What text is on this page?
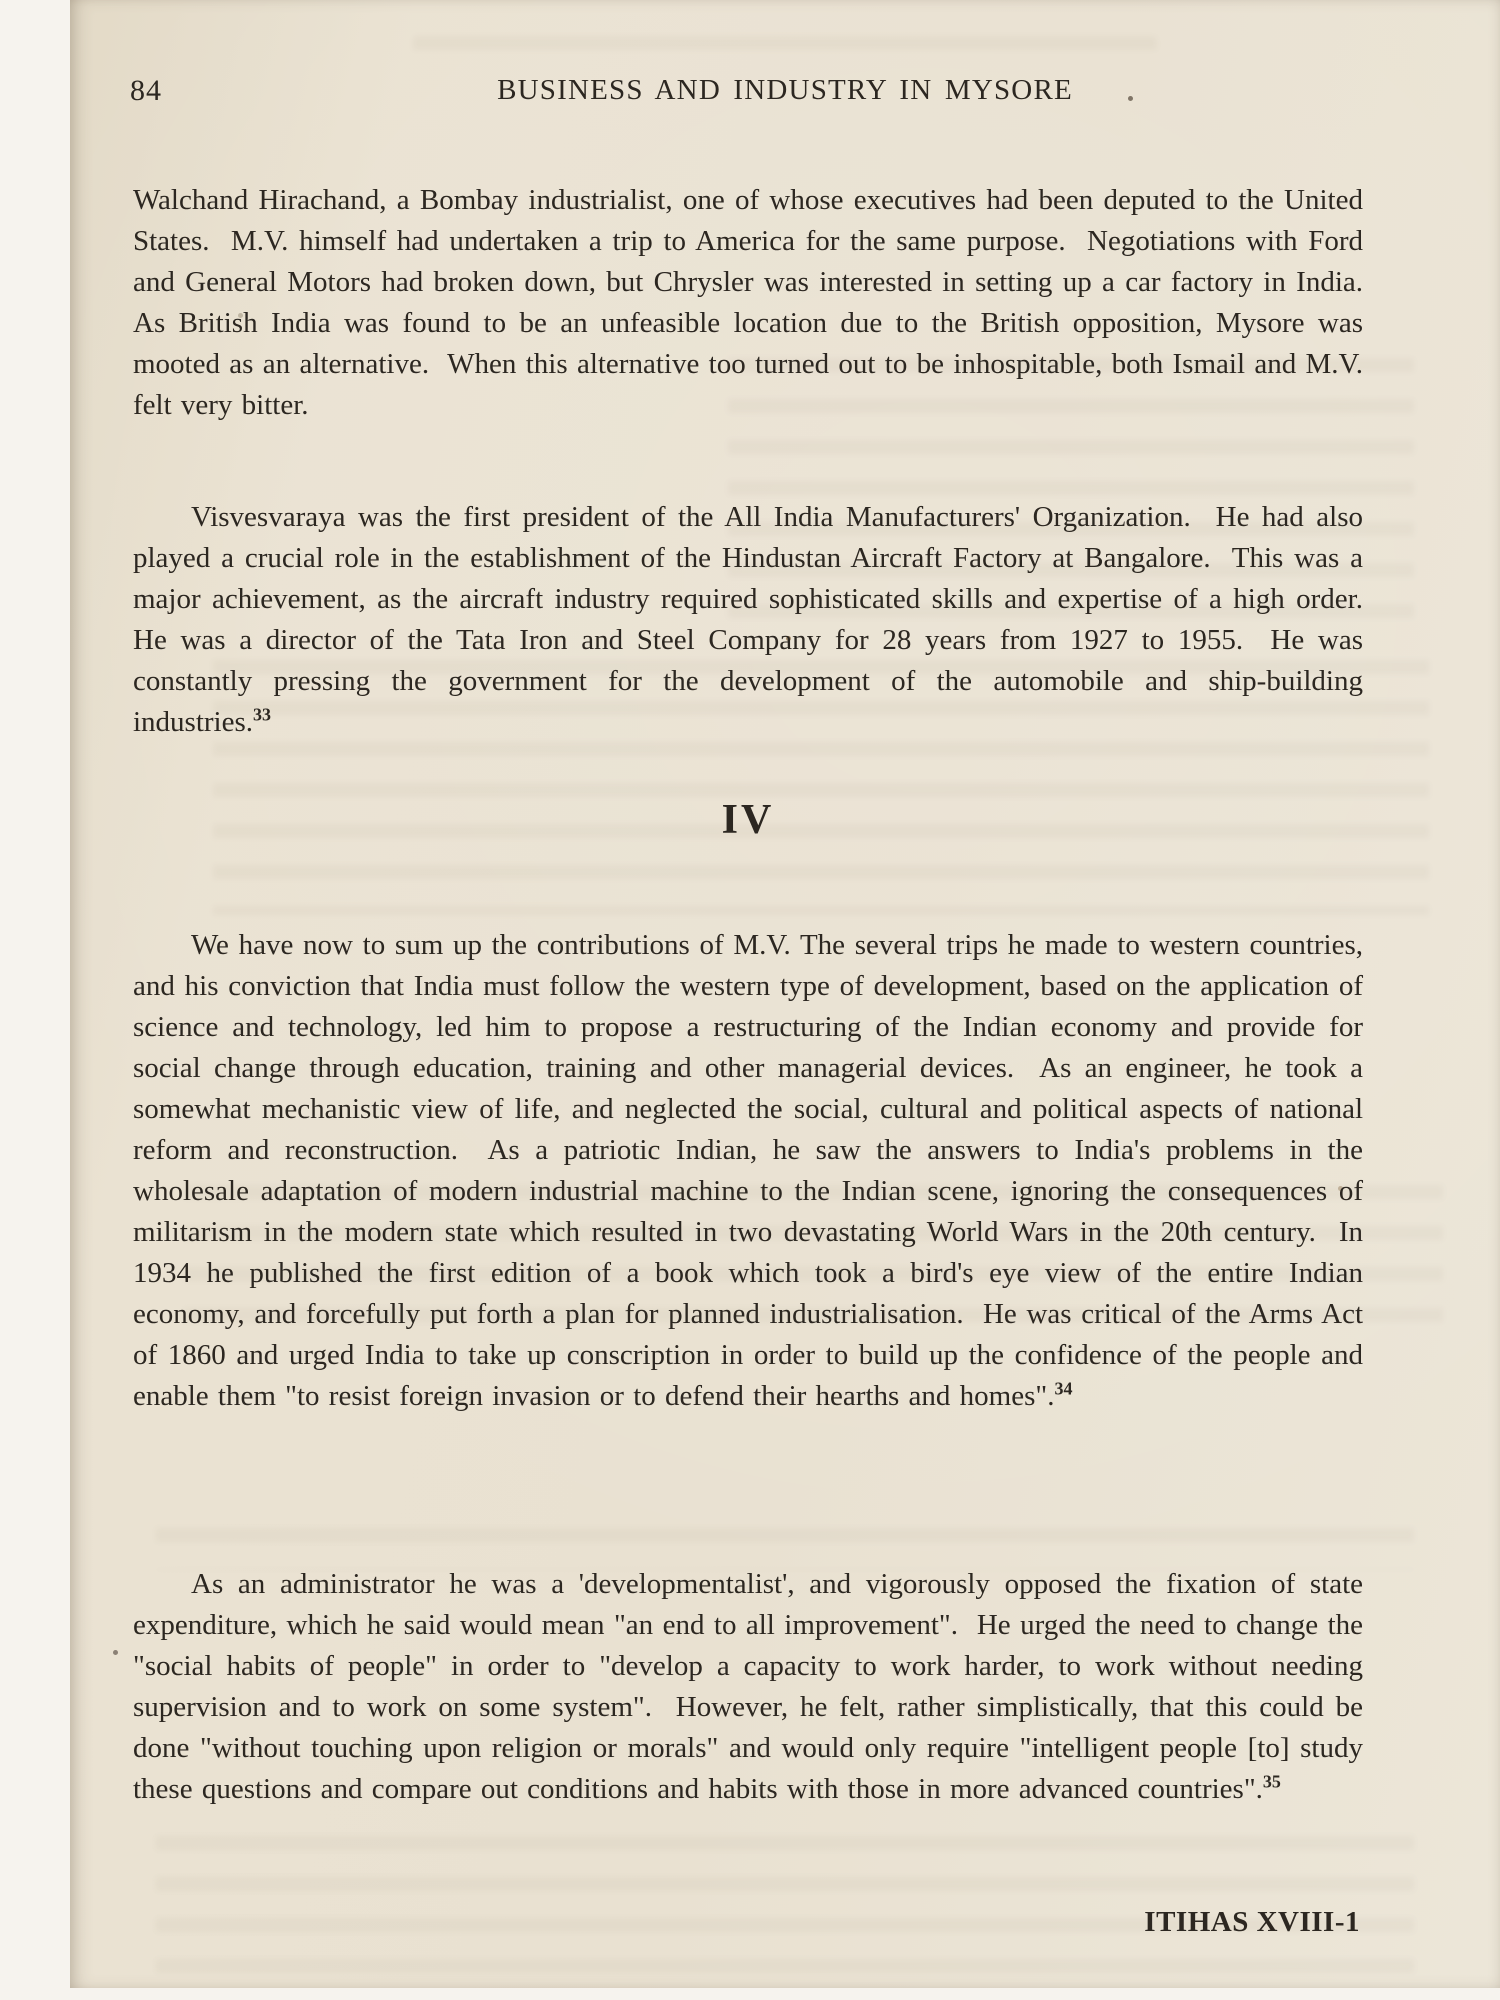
84	BUSINESS AND INDUSTRY IN MYSORE

Walchand Hirachand, a Bombay industrialist, one of whose executives had been deputed to the United States.  M.V. himself had undertaken a trip to America for the same purpose.  Negotiations with Ford and General Motors had broken down, but Chrysler was interested in setting up a car factory in India.  As British India was found to be an unfeasible location due to the British opposition, Mysore was mooted as an alternative.  When this alternative too turned out to be inhospitable, both Ismail and M.V. felt very bitter.

Visvesvaraya was the first president of the All India Manufacturers' Organization.  He had also played a crucial role in the establishment of the Hindustan Aircraft Factory at Bangalore.  This was a major achievement, as the aircraft industry required sophisticated skills and expertise of a high order.  He was a director of the Tata Iron and Steel Company for 28 years from 1927 to 1955.  He was constantly pressing the government for the development of the automobile and ship-building industries.$^{33}$

IV

We have now to sum up the contributions of M.V. The several trips he made to western countries, and his conviction that India must follow the western type of development, based on the application of science and technology, led him to propose a restructuring of the Indian economy and provide for social change through education, training and other managerial devices.  As an engineer, he took a somewhat mechanistic view of life, and neglected the social, cultural and political aspects of national reform and reconstruction.  As a patriotic Indian, he saw the answers to India's problems in the wholesale adaptation of modern industrial machine to the Indian scene, ignoring the consequences of militarism in the modern state which resulted in two devastating World Wars in the 20th century.  In 1934 he published the first edition of a book which took a bird's eye view of the entire Indian economy, and forcefully put forth a plan for planned industrialisation.  He was critical of the Arms Act of 1860 and urged India to take up conscription in order to build up the confidence of the people and enable them "to resist foreign invasion or to defend their hearths and homes".$^{34}$

As an administrator he was a 'developmentalist', and vigorously opposed the fixation of state expenditure, which he said would mean "an end to all improvement".  He urged the need to change the "social habits of people" in order to "develop a capacity to work harder, to work without needing supervision and to work on some system".  However, he felt, rather simplistically, that this could be done "without touching upon religion or morals" and would only require "intelligent people [to] study these questions and compare out conditions and habits with those in more advanced countries".$^{35}$

ITIHAS XVIII-1
